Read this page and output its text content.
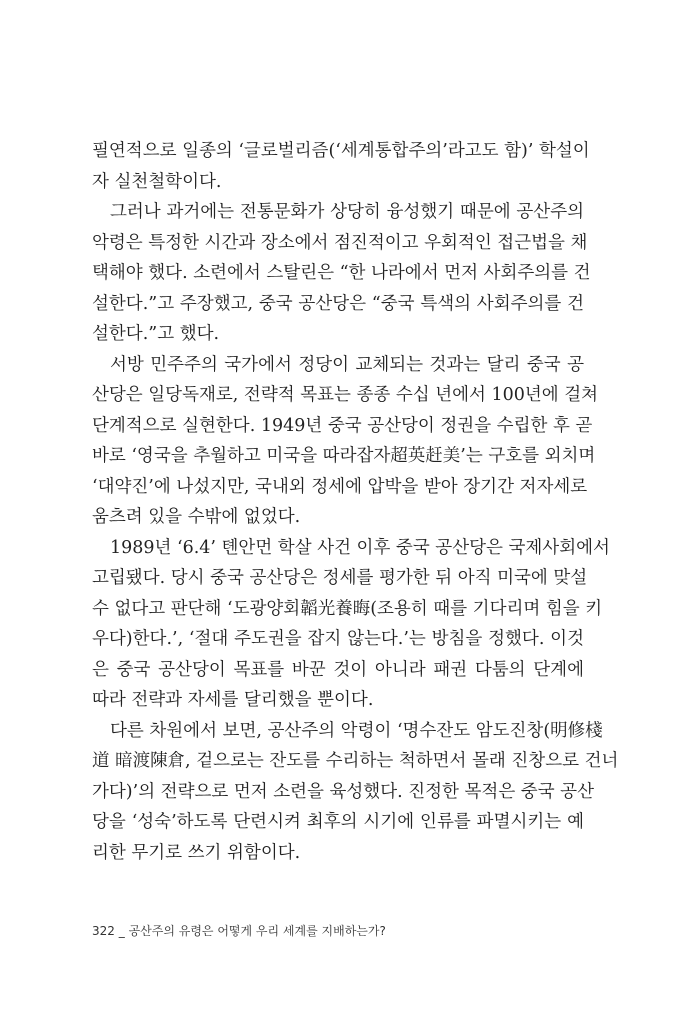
필연적으로 일종의 ‘글로벌리즘(‘세계통합주의’라고도 함)’ 학설이
자 실천철학이다.
그러나 과거에는 전통문화가 상당히 융성했기 때문에 공산주의
악령은 특정한 시간과 장소에서 점진적이고 우회적인 접근법을 채
택해야 했다. 소련에서 스탈린은 “한 나라에서 먼저 사회주의를 건
설한다.”고 주장했고, 중국 공산당은 “중국 특색의 사회주의를 건
설한다.”고 했다.
서방 민주주의 국가에서 정당이 교체되는 것과는 달리 중국 공
산당은 일당독재로, 전략적 목표는 종종 수십 년에서 100년에 걸쳐
단계적으로 실현한다. 1949년 중국 공산당이 정권을 수립한 후 곧
바로 ‘영국을 추월하고 미국을 따라잡자超英赶美’는 구호를 외치며
‘대약진’에 나섰지만, 국내외 정세에 압박을 받아 장기간 저자세로
움츠려 있을 수밖에 없었다.
1989년 ‘6.4’ 톈안먼 학살 사건 이후 중국 공산당은 국제사회에서
고립됐다. 당시 중국 공산당은 정세를 평가한 뒤 아직 미국에 맞설
수 없다고 판단해 ‘도광양회韜光養晦(조용히 때를 기다리며 힘을 키
우다)한다.’, ‘절대 주도권을 잡지 않는다.’는 방침을 정했다. 이것
은 중국 공산당이 목표를 바꾼 것이 아니라 패권 다툼의 단계에
따라 전략과 자세를 달리했을 뿐이다.
다른 차원에서 보면, 공산주의 악령이 ‘명수잔도 암도진창(明修棧
道 暗渡陳倉, 겉으로는 잔도를 수리하는 척하면서 몰래 진창으로 건너
가다)’의 전략으로 먼저 소련을 육성했다. 진정한 목적은 중국 공산
당을 ‘성숙’하도록 단련시켜 최후의 시기에 인류를 파멸시키는 예
리한 무기로 쓰기 위함이다.
322 _ 공산주의 유령은 어떻게 우리 세계를 지배하는가?
